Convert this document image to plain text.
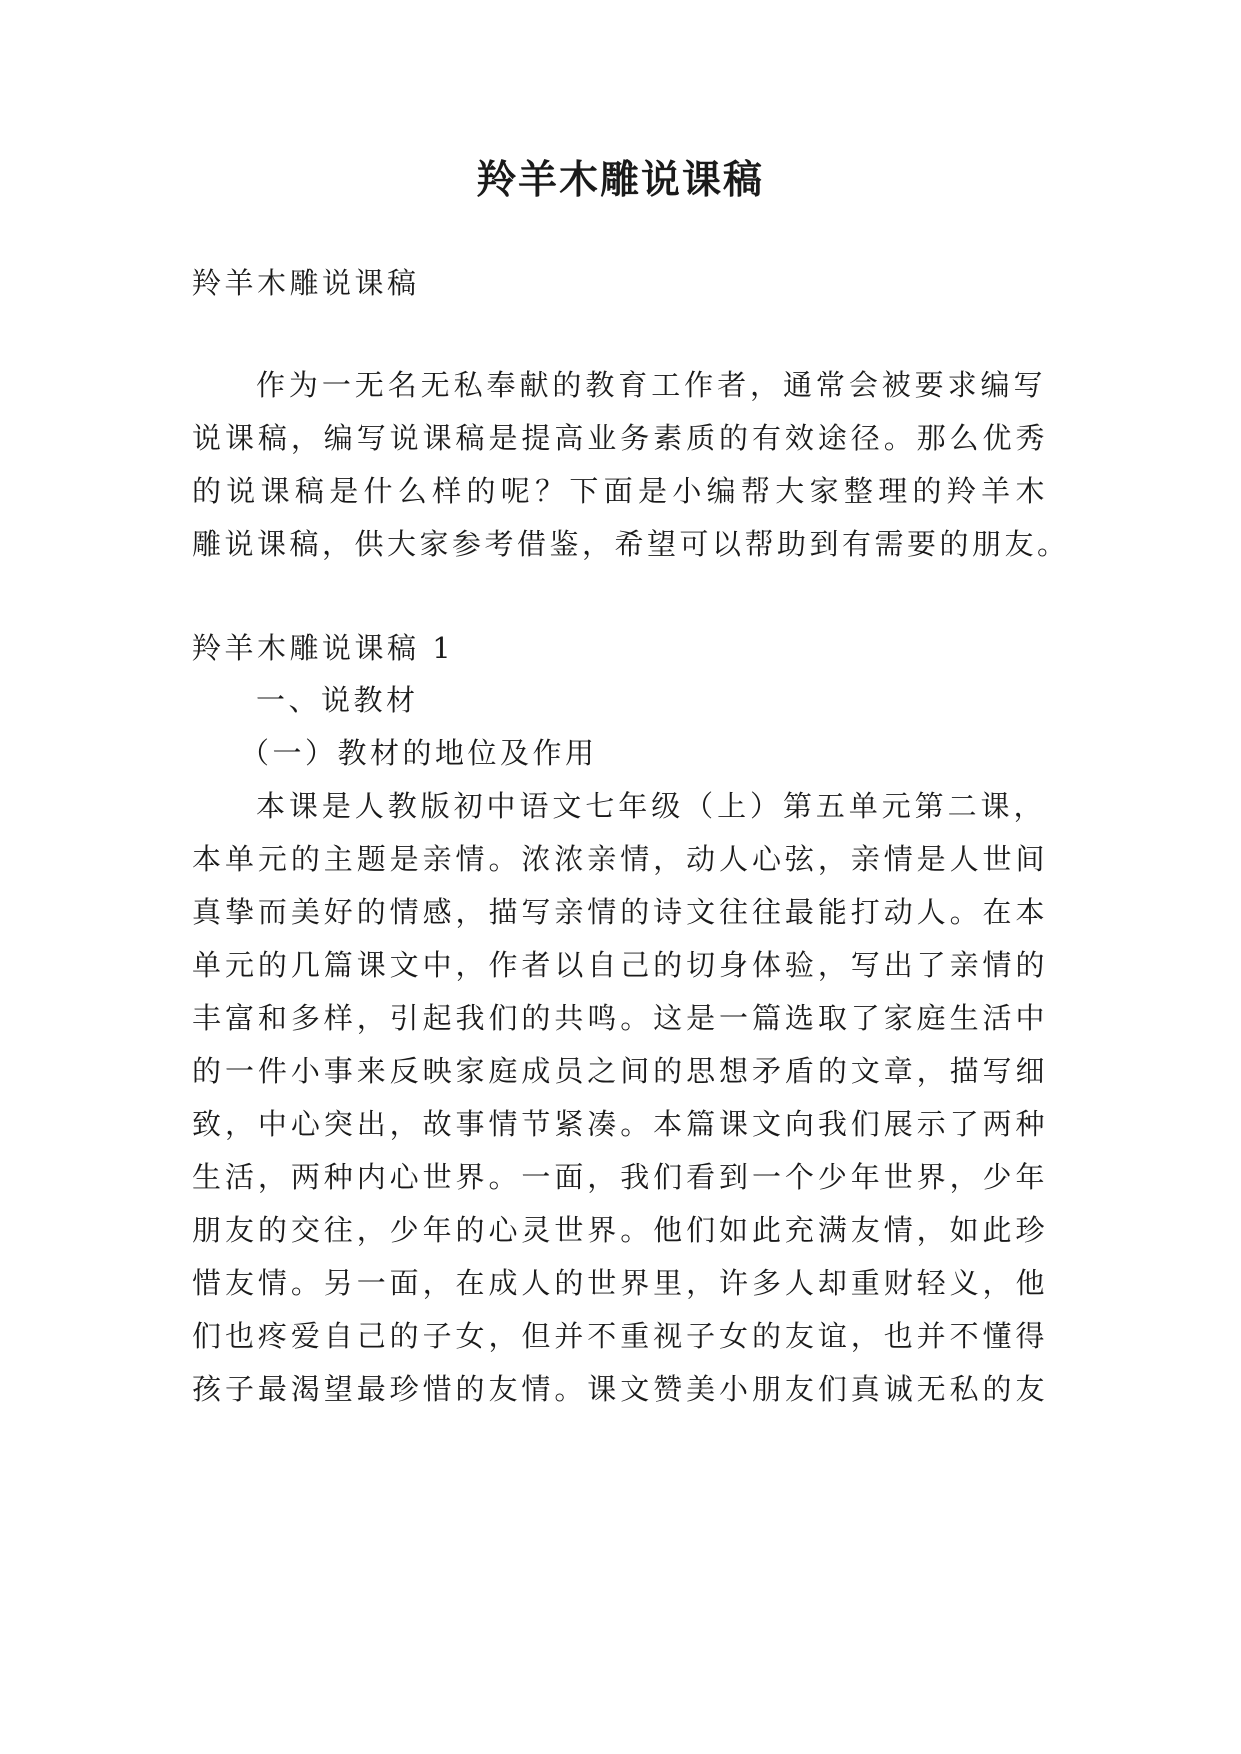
羚羊木雕说课稿
羚羊木雕说课稿
作为一无名无私奉献的教育工作者，通常会被要求编写
说课稿，编写说课稿是提高业务素质的有效途径。那么优秀
的说课稿是什么样的呢？下面是小编帮大家整理的羚羊木
雕说课稿，供大家参考借鉴，希望可以帮助到有需要的朋友。
羚羊木雕说课稿 1
一、说教材
（一）教材的地位及作用
本课是人教版初中语文七年级（上）第五单元第二课，
本单元的主题是亲情。浓浓亲情，动人心弦，亲情是人世间
真挚而美好的情感，描写亲情的诗文往往最能打动人。在本
单元的几篇课文中，作者以自己的切身体验，写出了亲情的
丰富和多样，引起我们的共鸣。这是一篇选取了家庭生活中
的一件小事来反映家庭成员之间的思想矛盾的文章，描写细
致，中心突出，故事情节紧凑。本篇课文向我们展示了两种
生活，两种内心世界。一面，我们看到一个少年世界，少年
朋友的交往，少年的心灵世界。他们如此充满友情，如此珍
惜友情。另一面，在成人的世界里，许多人却重财轻义，他
们也疼爱自己的子女，但并不重视子女的友谊，也并不懂得
孩子最渴望最珍惜的友情。课文赞美小朋友们真诚无私的友
